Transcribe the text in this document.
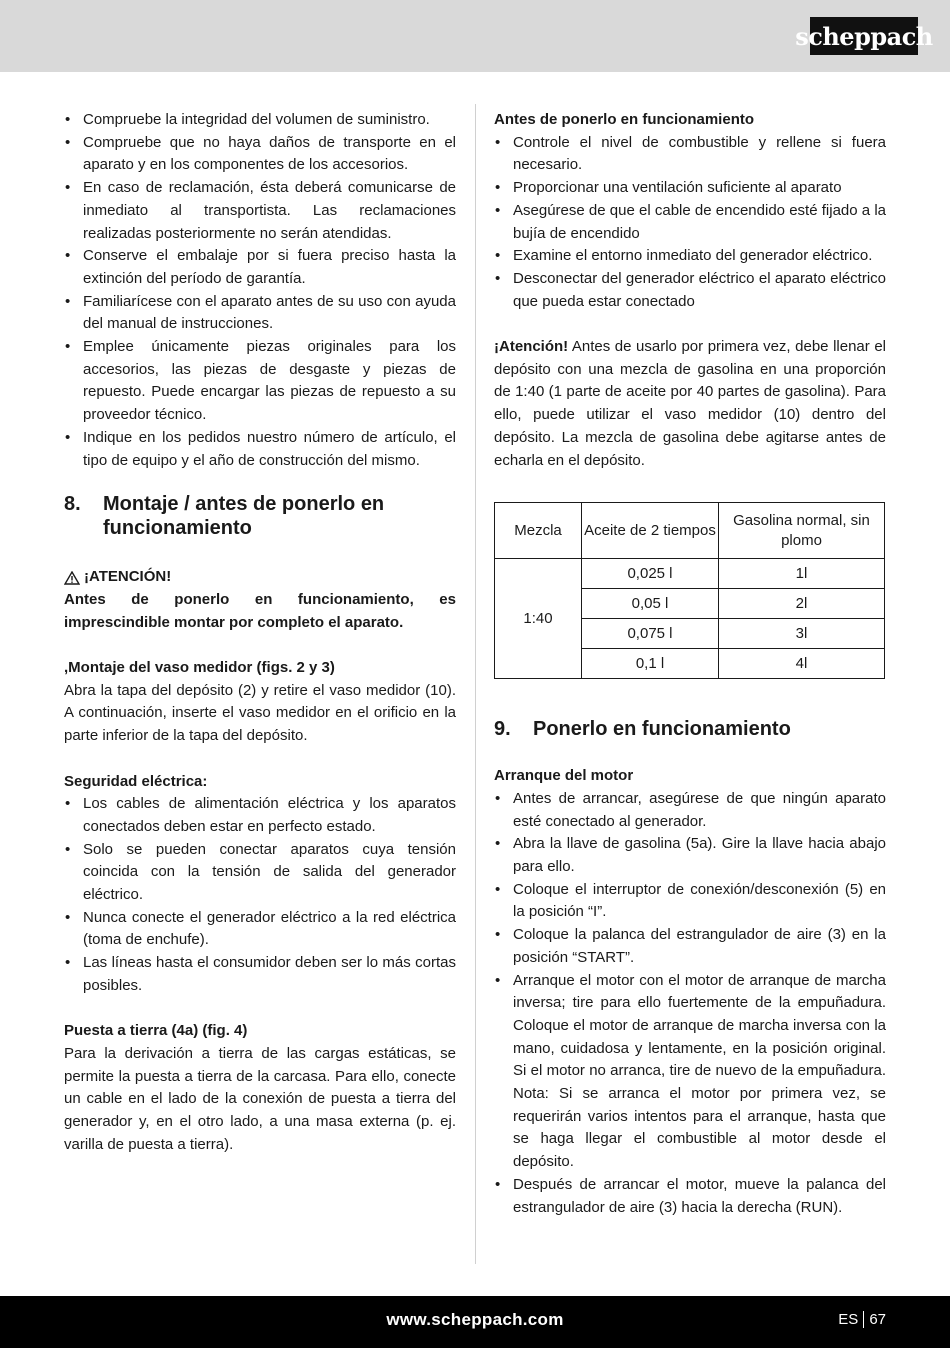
scheppach
• Compruebe la integridad del volumen de suministro.
• Compruebe que no haya daños de transporte en el aparato y en los componentes de los accesorios.
• En caso de reclamación, ésta deberá comunicarse de inmediato al transportista. Las reclamaciones realizadas posteriormente no serán atendidas.
• Conserve el embalaje por si fuera preciso hasta la extinción del período de garantía.
• Familiarícese con el aparato antes de su uso con ayuda del manual de instrucciones.
• Emplee únicamente piezas originales para los accesorios, las piezas de desgaste y piezas de repuesto. Puede encargar las piezas de repuesto a su proveedor técnico.
• Indique en los pedidos nuestro número de artículo, el tipo de equipo y el año de construcción del mismo.
8.	Montaje / antes de ponerlo en funcionamiento
¡ATENCIÓN!

Antes de ponerlo en funcionamiento, es imprescindible montar por completo el aparato.

,Montaje del vaso medidor (figs. 2 y 3)

Abra la tapa del depósito (2) y retire el vaso medidor (10). A continuación, inserte el vaso medidor en el orificio en la parte inferior de la tapa del depósito.

Seguridad eléctrica:

• Los cables de alimentación eléctrica y los aparatos conectados deben estar en perfecto estado.
• Solo se pueden conectar aparatos cuya tensión coincida con la tensión de salida del generador eléctrico.
• Nunca conecte el generador eléctrico a la red eléctrica (toma de enchufe).
• Las líneas hasta el consumidor deben ser lo más cortas posibles.

Puesta a tierra (4a) (fig. 4)

Para la derivación a tierra de las cargas estáticas, se permite la puesta a tierra de la carcasa. Para ello, conecte un cable en el lado de la conexión de puesta a tierra del generador y, en el otro lado, a una masa externa (p. ej. varilla de puesta a tierra).

Antes de ponerlo en funcionamiento

• Controle el nivel de combustible y rellene si fuera necesario.
• Proporcionar una ventilación suficiente al aparato
• Asegúrese de que el cable de encendido esté fijado a la bujía de encendido
• Examine el entorno inmediato del generador eléctrico.
• Desconectar del generador eléctrico el aparato eléctrico que pueda estar conectado

¡Atención! Antes de usarlo por primera vez, debe llenar el depósito con una mezcla de gasolina en una proporción de 1:40 (1 parte de aceite por 40 partes de gasolina). Para ello, puede utilizar el vaso medidor (10) dentro del depósito. La mezcla de gasolina debe agitarse antes de echarla en el depósito.

Mezcla	Aceite de 2 tiempos	Gasolina normal, sin plomo
1:40	0,025 l	1l
	0,05 l	2l
	0,075 l	3l
	0,1 l	4l
9.	Ponerlo en funcionamiento

Arranque del motor

• Antes de arrancar, asegúrese de que ningún aparato esté conectado al generador.
• Abra la llave de gasolina (5a). Gire la llave hacia abajo para ello.
• Coloque el interruptor de conexión/desconexión (5) en la posición “I”.
• Coloque la palanca del estrangulador de aire (3) en la posición “START”.
• Arranque el motor con el motor de arranque de marcha inversa; tire para ello fuertemente de la empuñadura. Coloque el motor de arranque de marcha inversa con la mano, cuidadosa y lentamente, en la posición original. Si el motor no arranca, tire de nuevo de la empuñadura. Nota: Si se arranca el motor por primera vez, se requerirán varios intentos para el arranque, hasta que se haga llegar el combustible al motor desde el depósito.
• Después de arrancar el motor, mueve la palanca del estrangulador de aire (3) hacia la derecha (RUN).
www.scheppach.com	ES 67
